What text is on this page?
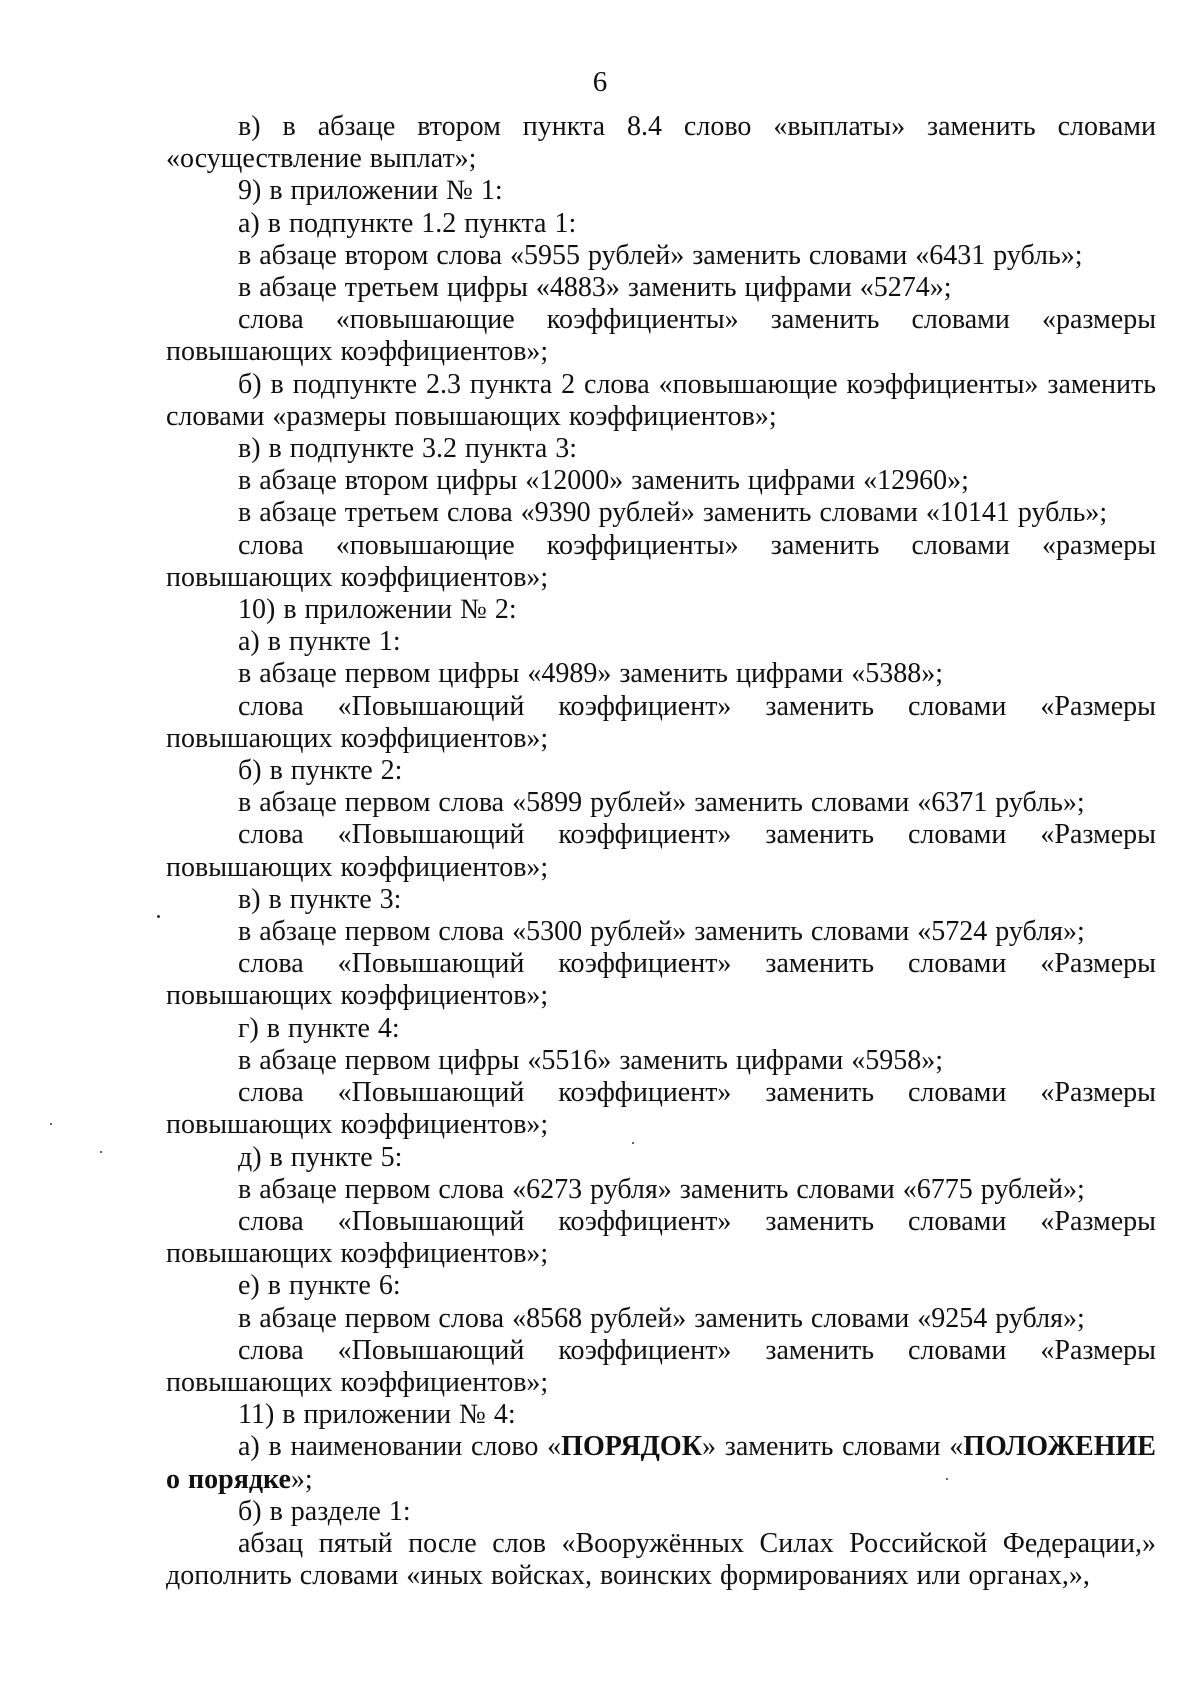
6

в) в абзаце втором пункта 8.4 слово «выплаты» заменить словами «осуществление выплат»;

9) в приложении № 1:

а) в подпункте 1.2 пункта 1:

в абзаце втором слова «5955 рублей» заменить словами «6431 рубль»;

в абзаце третьем цифры «4883» заменить цифрами «5274»;

слова «повышающие коэффициенты» заменить словами «размеры повышающих коэффициентов»;

б) в подпункте 2.3 пункта 2 слова «повышающие коэффициенты» заменить словами «размеры повышающих коэффициентов»;

в) в подпункте 3.2 пункта 3:

в абзаце втором цифры «12000» заменить цифрами «12960»;

в абзаце третьем слова «9390 рублей» заменить словами «10141 рубль»;

слова «повышающие коэффициенты» заменить словами «размеры повышающих коэффициентов»;

10) в приложении № 2:

а) в пункте 1:

в абзаце первом цифры «4989» заменить цифрами «5388»;

слова «Повышающий коэффициент» заменить словами «Размеры повышающих коэффициентов»;

б) в пункте 2:

в абзаце первом слова «5899 рублей» заменить словами «6371 рубль»;

слова «Повышающий коэффициент» заменить словами «Размеры повышающих коэффициентов»;

в) в пункте 3:

в абзаце первом слова «5300 рублей» заменить словами «5724 рубля»;

слова «Повышающий коэффициент» заменить словами «Размеры повышающих коэффициентов»;

г) в пункте 4:

в абзаце первом цифры «5516» заменить цифрами «5958»;

слова «Повышающий коэффициент» заменить словами «Размеры повышающих коэффициентов»;

д) в пункте 5:

в абзаце первом слова «6273 рубля» заменить словами «6775 рублей»;

слова «Повышающий коэффициент» заменить словами «Размеры повышающих коэффициентов»;

е) в пункте 6:

в абзаце первом слова «8568 рублей» заменить словами «9254 рубля»;

слова «Повышающий коэффициент» заменить словами «Размеры повышающих коэффициентов»;

11) в приложении № 4:

а) в наименовании слово «ПОРЯДОК» заменить словами «ПОЛОЖЕНИЕ о порядке»;

б) в разделе 1:

абзац пятый после слов «Вооружённых Силах Российской Федерации,» дополнить словами «иных войсках, воинских формированиях или органах,»,
